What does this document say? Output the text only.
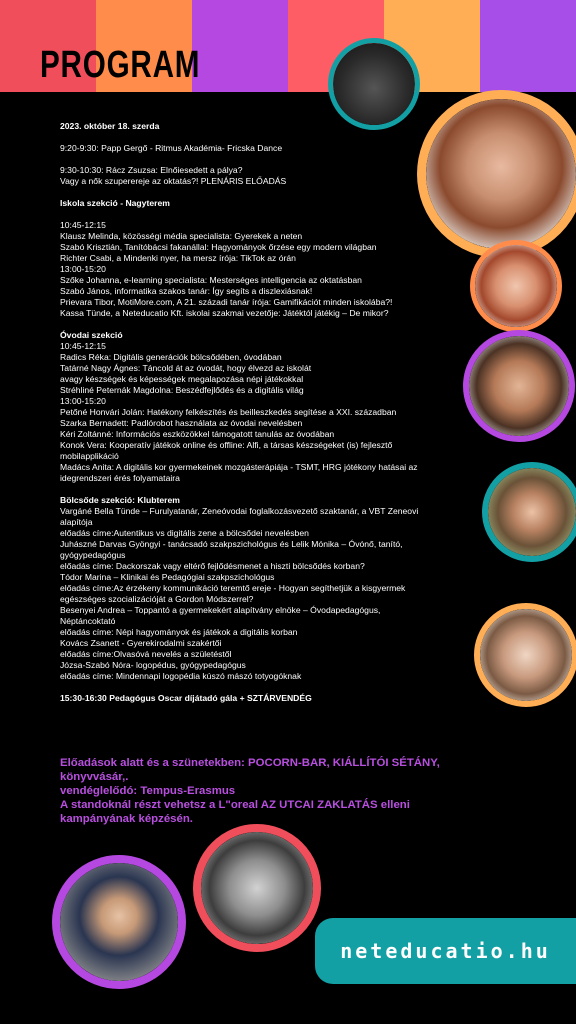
PROGRAM

2023. október 18. szerda

9:20-9:30: Papp Gergő - Ritmus Akadémia- Fricska Dance

9:30-10:30: Rácz Zsuzsa: Elnőiesedett a pálya?

Vagy a nők szuperereje az oktatás?! PLENÁRIS ELŐADÁS

Iskola szekció - Nagyterem

10:45-12:15

Klausz Melinda, közösségi média specialista: Gyerekek a neten

Szabó Krisztián, Tanítóbácsi fakanállal: Hagyományok őrzése egy modern világban

Richter Csabi, a Mindenki nyer, ha mersz írója: TikTok az órán

13:00-15:20

Szőke Johanna, e-learning specialista: Mesterséges intelligencia az oktatásban

Szabó János, informatika szakos tanár: Így segíts a diszlexiásnak!

Prievara Tibor, MotiMore.com, A 21. századi tanár írója: Gamifikációt minden iskolába?!

Kassa Tünde, a Neteducatio Kft. iskolai szakmai vezetője: Játéktól játékig – De mikor?

Óvodai szekció

10:45-12:15

Radics Réka: Digitális generációk bölcsődében, óvodában

Tatárné Nagy Ágnes: Táncold át az óvodát, hogy élvezd az iskolát

avagy készségek és képességek megalapozása népi játékokkal

Stréhliné Peternák Magdolna: Beszédfejlődés és a digitális világ

13:00-15:20

Petőné Honvári Jolán: Hatékony felkészítés és beilleszkedés segítése a XXI. században

Szarka Bernadett: Padlórobot használata az óvodai nevelésben

Kéri Zoltánné: Információs eszközökkel támogatott tanulás az óvodában

Konok Vera: Kooperatív játékok online és offline: Alfi, a társas készségeket (is) fejlesztő

mobilapplikáció

Madács Anita: A digitális kor gyermekeinek mozgásterápiája - TSMT, HRG jótékony hatásai az

idegrendszeri érés folyamataira

Bölcsőde szekció: Klubterem

Vargáné Bella Tünde – Furulyatanár, Zeneóvodai foglalkozásvezető szaktanár, a VBT Zeneovi

alapítója

előadás címe:Autentikus vs digitális zene a bölcsődei nevelésben

Juhászné Darvas Gyöngyi - tanácsadó szakpszichológus és Lelik Mónika – Óvónő, tanító,

gyógypedagógus

előadás címe: Dackorszak vagy eltérő fejlődésmenet a hiszti bölcsődés korban?

Tódor Marina – Klinikai és Pedagógiai szakpszichológus

előadás címe:Az érzékeny kommunikáció teremtő ereje - Hogyan segíthetjük a kisgyermek

egészséges szocializációját a Gordon Módszerrel?

Besenyei Andrea – Toppantó a gyermekekért alapítvány elnöke – Óvodapedagógus,

Néptáncoktató

előadás címe: Népi hagyományok és játékok a digitális korban

Kovács Zsanett - Gyerekirodalmi szakértői

előadás címe:Olvasóvá nevelés a születéstől

Józsa-Szabó Nóra- logopédus, gyógypedagógus

előadás címe: Mindennapi logopédia kúszó mászó totyogóknak

15:30-16:30 Pedagógus Oscar díjátadó gála + SZTÁRVENDÉG

Előadások alatt és a szünetekben: POCORN-BAR, KIÁLLÍTÓI SÉTÁNY,

könyvvásár,.

vendéglelődó: Tempus-Erasmus

A standoknál részt vehetsz a L"oreal AZ UTCAI ZAKLATÁS elleni

kampányának képzésén.

neteducatio.hu
